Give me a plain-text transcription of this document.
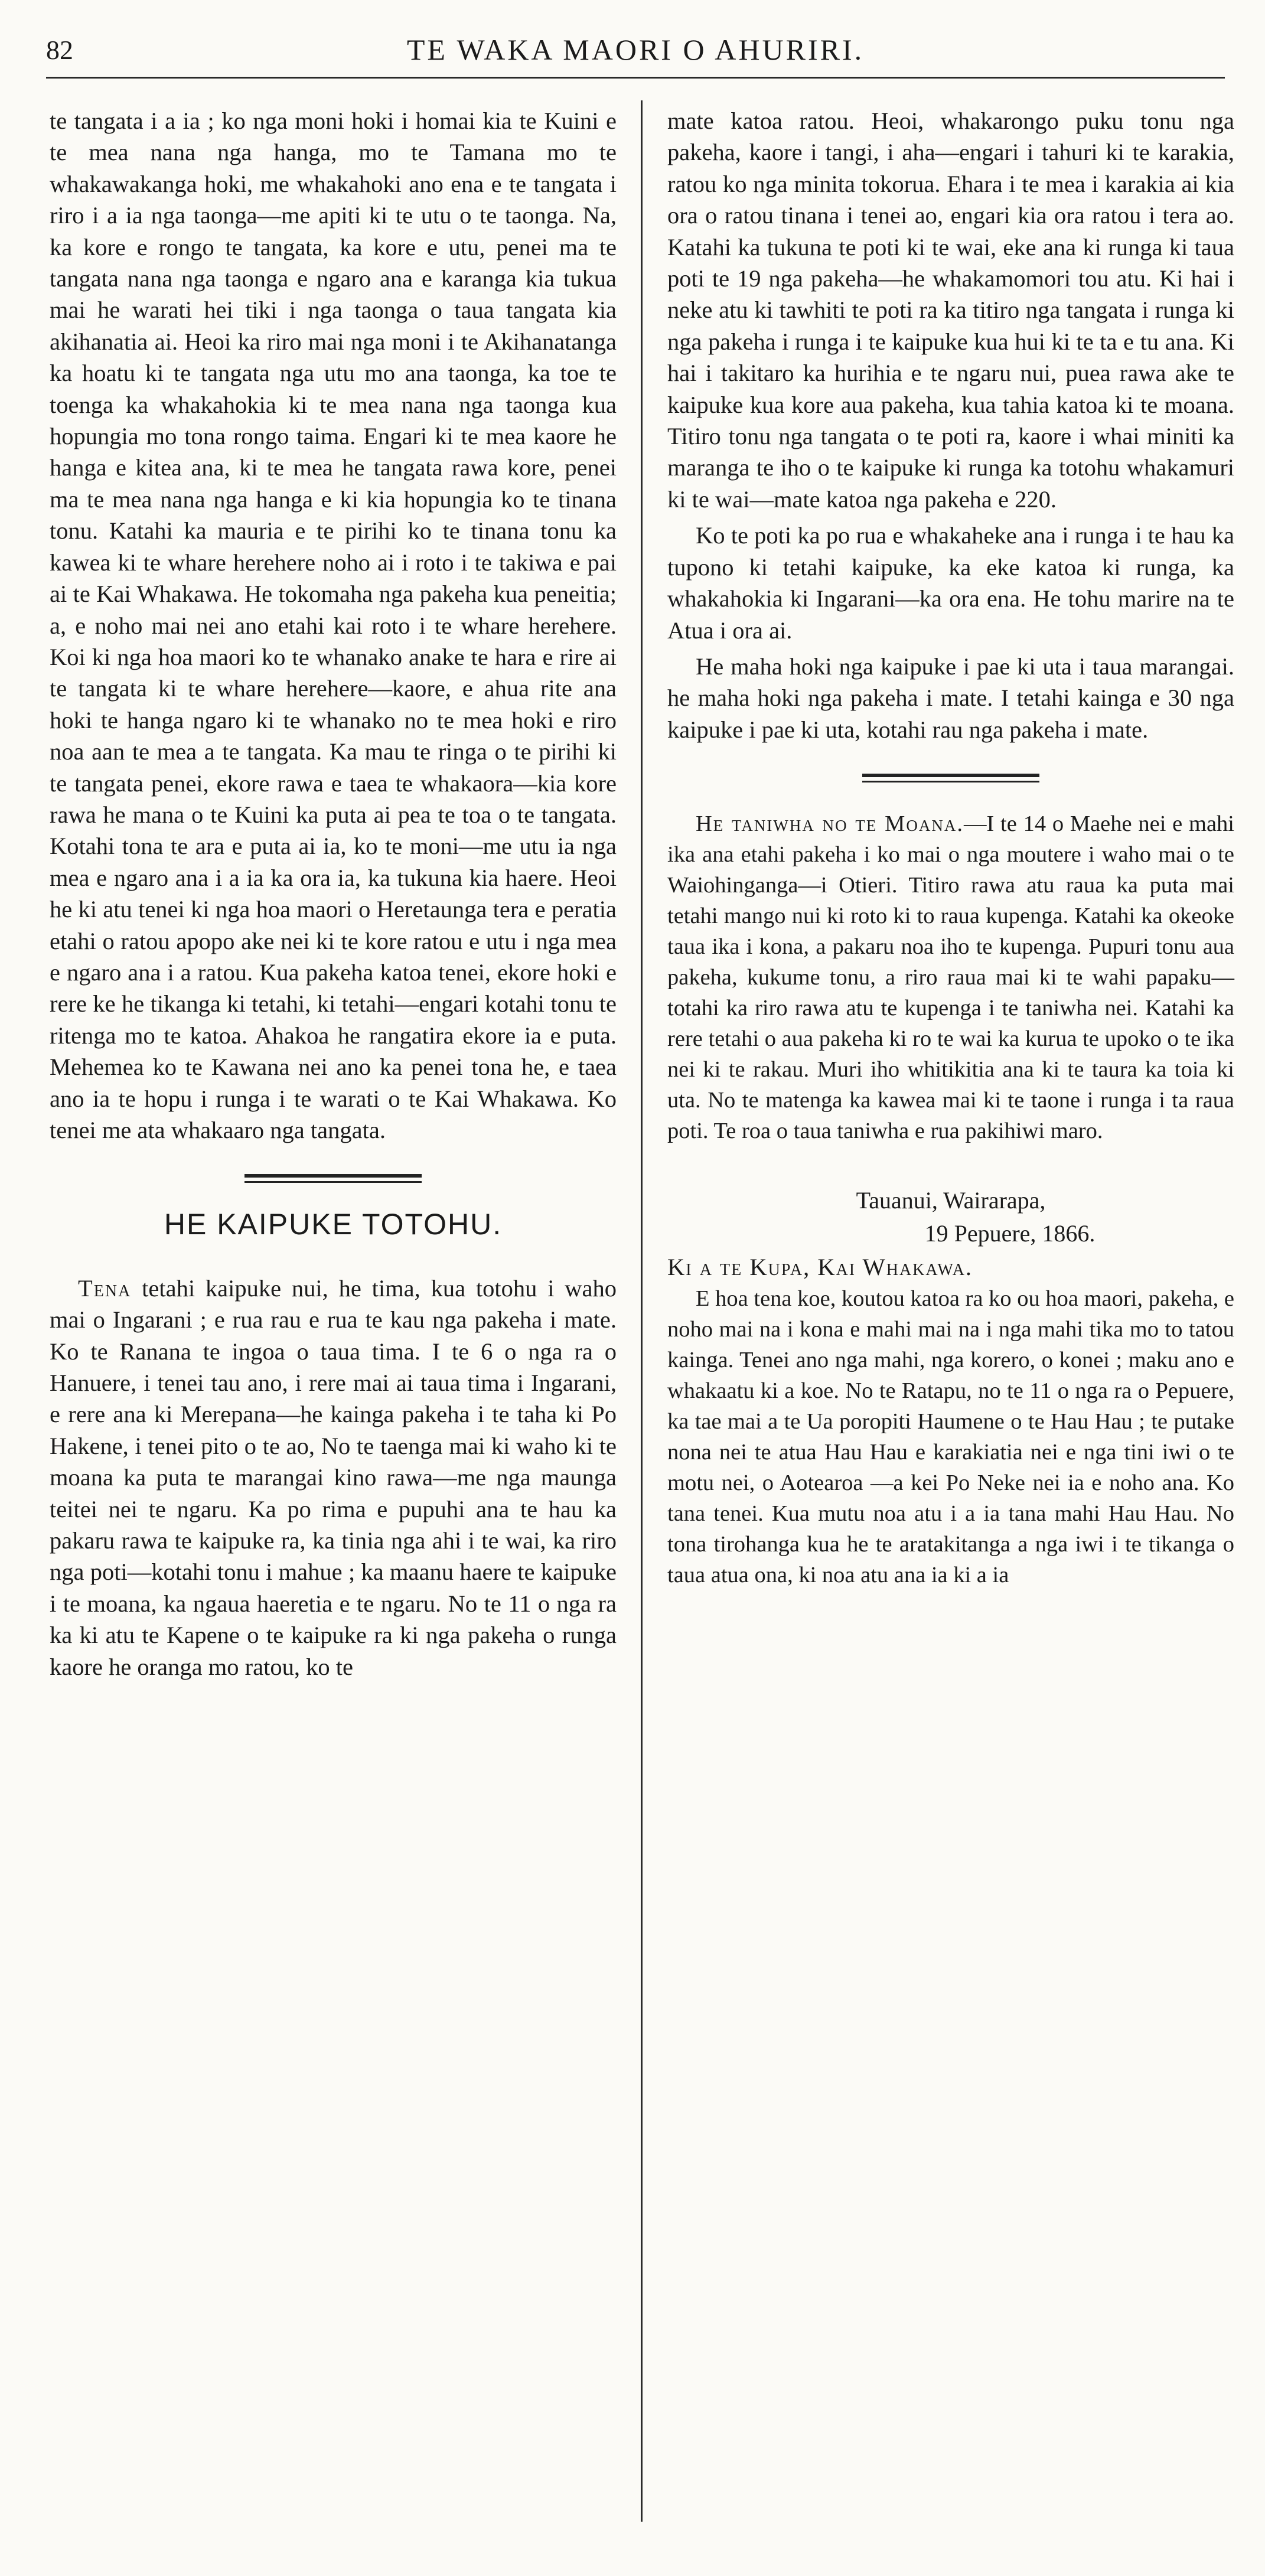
82	TE WAKA MAORI O AHURIRI.

te tangata i a ia ; ko nga moni hoki i homai kia te Kuini e te mea nana nga hanga, mo te Tamana mo te whakawakanga hoki, me whakahoki ano ena e te tangata i riro i a ia nga taonga—me apiti ki te utu o te taonga. Na, ka kore e rongo te tangata, ka kore e utu, penei ma te tangata nana nga taonga e ngaro ana e karanga kia tukua mai he warati hei tiki i nga taonga o taua tangata kia akihanatia ai. Heoi ka riro mai nga moni i te Akihanatanga ka hoatu ki te tangata nga utu mo ana taonga, ka toe te toenga ka whakahokia ki te mea nana nga taonga kua hopungia mo tona rongo taima. Engari ki te mea kaore he hanga e kitea ana, ki te mea he tangata rawa kore, penei ma te mea nana nga hanga e ki kia hopungia ko te tinana tonu. Katahi ka mauria e te pirihi ko te tinana tonu ka kawea ki te whare herehere noho ai i roto i te takiwa e pai ai te Kai Whakawa. He tokomaha nga pakeha kua peneitia; a, e noho mai nei ano etahi kai roto i te whare herehere. Koi ki nga hoa maori ko te whanako anake te hara e rire ai te tangata ki te whare herehere—kaore, e ahua rite ana hoki te hanga ngaro ki te whanako no te mea hoki e riro noa aan te mea a te tangata. Ka mau te ringa o te pirihi ki te tangata penei, ekore rawa e taea te whakaora—kia kore rawa he mana o te Kuini ka puta ai pea te toa o te tangata. Kotahi tona te ara e puta ai ia, ko te moni—me utu ia nga mea e ngaro ana i a ia ka ora ia, ka tukuna kia haere. Heoi he ki atu tenei ki nga hoa maori o Heretaunga tera e peratia etahi o ratou apopo ake nei ki te kore ratou e utu i nga mea e ngaro ana i a ratou. Kua pakeha katoa tenei, ekore hoki e rere ke he tikanga ki tetahi, ki tetahi—engari kotahi tonu te ritenga mo te katoa. Ahakoa he rangatira ekore ia e puta. Mehemea ko te Kawana nei ano ka penei tona he, e taea ano ia te hopu i runga i te warati o te Kai Whakawa. Ko tenei me ata whakaaro nga tangata.

HE KAIPUKE TOTOHU.

Tena tetahi kaipuke nui, he tima, kua totohu i waho mai o Ingarani ; e rua rau e rua te kau nga pakeha i mate. Ko te Ranana te ingoa o taua tima. I te 6 o nga ra o Hanuere, i tenei tau ano, i rere mai ai taua tima i Ingarani, e rere ana ki Merepana—he kainga pakeha i te taha ki Po Hakene, i tenei pito o te ao, No te taenga mai ki waho ki te moana ka puta te marangai kino rawa—me nga maunga teitei nei te ngaru. Ka po rima e pupuhi ana te hau ka pakaru rawa te kaipuke ra, ka tinia nga ahi i te wai, ka riro nga poti—kotahi tonu i mahue ; ka maanu haere te kaipuke i te moana, ka ngaua haeretia e te ngaru. No te 11 o nga ra ka ki atu te Kapene o te kaipuke ra ki nga pakeha o runga kaore he oranga mo ratou, ko te

mate katoa ratou. Heoi, whakarongo puku tonu nga pakeha, kaore i tangi, i aha—engari i tahuri ki te karakia, ratou ko nga minita tokorua. Ehara i te mea i karakia ai kia ora o ratou tinana i tenei ao, engari kia ora ratou i tera ao. Katahi ka tukuna te poti ki te wai, eke ana ki runga ki taua poti te 19 nga pakeha—he whakamomori tou atu. Ki hai i neke atu ki tawhiti te poti ra ka titiro nga tangata i runga ki nga pakeha i runga i te kaipuke kua hui ki te ta e tu ana. Ki hai i takitaro ka hurihia e te ngaru nui, puea rawa ake te kaipuke kua kore aua pakeha, kua tahia katoa ki te moana. Titiro tonu nga tangata o te poti ra, kaore i whai miniti ka maranga te iho o te kaipuke ki runga ka totohu whakamuri ki te wai—mate katoa nga pakeha e 220.

Ko te poti ka po rua e whakaheke ana i runga i te hau ka tupono ki tetahi kaipuke, ka eke katoa ki runga, ka whakahokia ki Ingarani—ka ora ena. He tohu marire na te Atua i ora ai.

He maha hoki nga kaipuke i pae ki uta i taua marangai. he maha hoki nga pakeha i mate. I tetahi kainga e 30 nga kaipuke i pae ki uta, kotahi rau nga pakeha i mate.

He taniwha no te Moana.—I te 14 o Maehe nei e mahi ika ana etahi pakeha i ko mai o nga moutere i waho mai o te Waiohinganga—i Otieri. Titiro rawa atu raua ka puta mai tetahi mango nui ki roto ki to raua kupenga. Katahi ka okeoke taua ika i kona, a pakaru noa iho te kupenga. Pupuri tonu aua pakeha, kukume tonu, a riro raua mai ki te wahi papaku—totahi ka riro rawa atu te kupenga i te taniwha nei. Katahi ka rere tetahi o aua pakeha ki ro te wai ka kurua te upoko o te ika nei ki te rakau. Muri iho whitikitia ana ki te taura ka toia ki uta. No te matenga ka kawea mai ki te taone i runga i ta raua poti. Te roa o taua taniwha e rua pakihiwi maro.

Tauanui, Wairarapa,
19 Pepuere, 1866.
Ki a te Kupa, Kai Whakawa.

E hoa tena koe, koutou katoa ra ko ou hoa maori, pakeha, e noho mai na i kona e mahi mai na i nga mahi tika mo to tatou kainga. Tenei ano nga mahi, nga korero, o konei ; maku ano e whakaatu ki a koe. No te Ratapu, no te 11 o nga ra o Pepuere, ka tae mai a te Ua poropiti Haumene o te Hau Hau ; te putake nona nei te atua Hau Hau e karakiatia nei e nga tini iwi o te motu nei, o Aotearoa —a kei Po Neke nei ia e noho ana. Ko tana tenei. Kua mutu noa atu i a ia tana mahi Hau Hau. No tona tirohanga kua he te aratakitanga a nga iwi i te tikanga o taua atua ona, ki noa atu ana ia ki a ia
